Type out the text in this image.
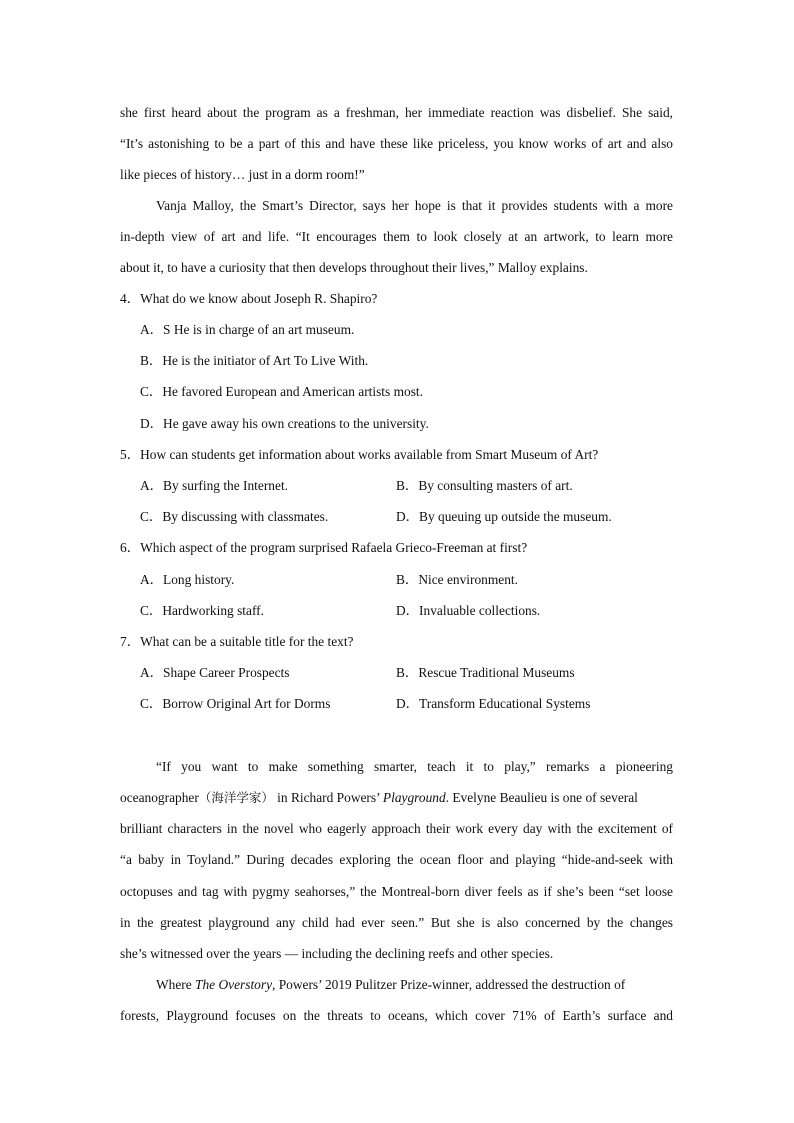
she first heard about the program as a freshman, her immediate reaction was disbelief. She said,
“It’s astonishing to be a part of this and have these like priceless, you know works of art and also
like pieces of history… just in a dorm room!”
Vanja Malloy, the Smart’s Director, says her hope is that it provides students with a more
in-depth view of art and life. “It encourages them to look closely at an artwork, to learn more
about it, to have a curiosity that then develops throughout their lives,” Malloy explains.
4．What do we know about Joseph R. Shapiro?
A．S He is in charge of an art museum.
B．He is the initiator of Art To Live With.
C．He favored European and American artists most.
D．He gave away his own creations to the university.
5．How can students get information about works available from Smart Museum of Art?
A．By surfing the Internet.	B．By consulting masters of art.
C．By discussing with classmates.	D．By queuing up outside the museum.
6．Which aspect of the program surprised Rafaela Grieco-Freeman at first?
A．Long history.	B．Nice environment.
C．Hardworking staff.	D．Invaluable collections.
7．What can be a suitable title for the text?
A．Shape Career Prospects	B．Rescue Traditional Museums
C．Borrow Original Art for Dorms	D．Transform Educational Systems
“If you want to make something smarter, teach it to play,” remarks a pioneering
oceanographer（海洋学家） in Richard Powers’ Playground. Evelyne Beaulieu is one of several
brilliant characters in the novel who eagerly approach their work every day with the excitement of
“a baby in Toyland.” During decades exploring the ocean floor and playing “hide-and-seek with
octopuses and tag with pygmy seahorses,” the Montreal-born diver feels as if she’s been “set loose
in the greatest playground any child had ever seen.” But she is also concerned by the changes
she’s witnessed over the years — including the declining reefs and other species.
Where The Overstory, Powers’ 2019 Pulitzer Prize-winner, addressed the destruction of
forests, Playground focuses on the threats to oceans, which cover 71% of Earth’s surface and
